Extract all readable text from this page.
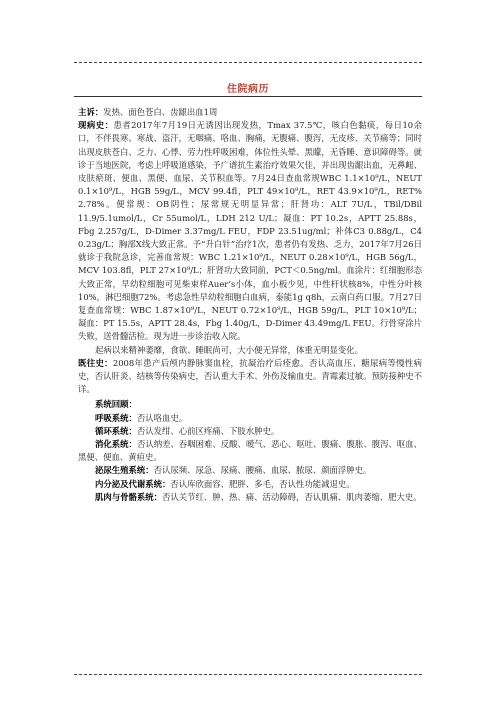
住院病历

主诉：发热、面色苍白、齿龈出血1周

现病史：患者2017年7月19日无诱因出现发热，Tmax 37.5℃，咳白色黏痰，每日10余口，不伴畏寒、寒战、盗汗，无咽痛、咯血、胸痛，无腹痛、腹泻，无皮疹、关节痛等；同时出现皮肤苍白、乏力、心悸、劳力性呼吸困难，体位性头晕、黑矇，无昏睡、意识障碍等。就诊于当地医院，考虑上呼吸道感染，予广谱抗生素治疗效果欠佳，并出现齿龈出血，无鼻衄、皮肤瘀斑、便血、黑便、血尿、关节积血等。7月24日查血常规WBC 1.1×10⁹/L，NEUT 0.1×10⁹/L，HGB 59g/L，MCV 99.4fl，PLT 49×10⁹/L，RET 43.9×10⁹/L，RET% 2.78%。便常规：OB阴性；尿常规无明显异常；肝肾功：ALT 7U/L，TBil/DBil 11.9/5.1umol/L，Cr 55umol/L，LDH 212 U/L；凝血：PT 10.2s，APTT 25.88s，Fbg 2.257g/L，D-Dimer 3.37mg/L FEU，FDP 23.51ug/ml；补体C3 0.88g/L，C4 0.23g/L；胸部X线大致正常。予“升白针”治疗1次，患者仍有发热、乏力，2017年7月26日就诊于我院急诊，完善血常规：WBC 1.21×10⁹/L，NEUT 0.28×10⁹/L，HGB 56g/L，MCV 103.8fl，PLT 27×10⁹/L；肝肾功大致同前，PCT＜0.5ng/ml。血涂片：红细胞形态大致正常，早幼粒细胞可见柴束样Auer’s小体，血小板少见，中性杆状核8%，中性分叶核10%，淋巴细胞72%。考虑急性早幼粒细胞白血病，泰能1g q8h，云南白药口服。7月27日复查血常规：WBC 1.87×10⁹/L，NEUT 0.72×10⁹/L，HGB 59g/L，PLT 10×10⁹/L；凝血：PT 15.5s，APTT 28.4s，Fbg 1.40g/L，D-Dimer 43.49mg/L FEU。行骨穿涂片失败，送骨髓活检。现为进一步诊治收入院。

起病以来精神萎靡，食欲、睡眠尚可，大小便无异常，体重无明显变化。

既往史：2008年患产后颅内静脉窦血栓，抗凝治疗后痊愈。否认高血压、糖尿病等慢性病史，否认肝炎、结核等传染病史，否认重大手术、外伤及输血史。青霉素过敏。预防接种史不详。

系统回顾：

呼吸系统：否认咯血史。

循环系统：否认发绀、心前区疼痛、下肢水肿史。

消化系统：否认纳差、吞咽困难、反酸、嗳气、恶心、呕吐、腹痛、腹胀、腹泻、呕血、黑便、便血、黄疸史。

泌尿生殖系统：否认尿频、尿急、尿痛、腰痛、血尿、脓尿、颜面浮肿史。

内分泌及代谢系统：否认库欣面容、肥胖、多毛，否认性功能减退史。

肌肉与骨骼系统：否认关节红、肿、热、痛、活动障碍，否认肌痛、肌肉萎缩、肥大史。
